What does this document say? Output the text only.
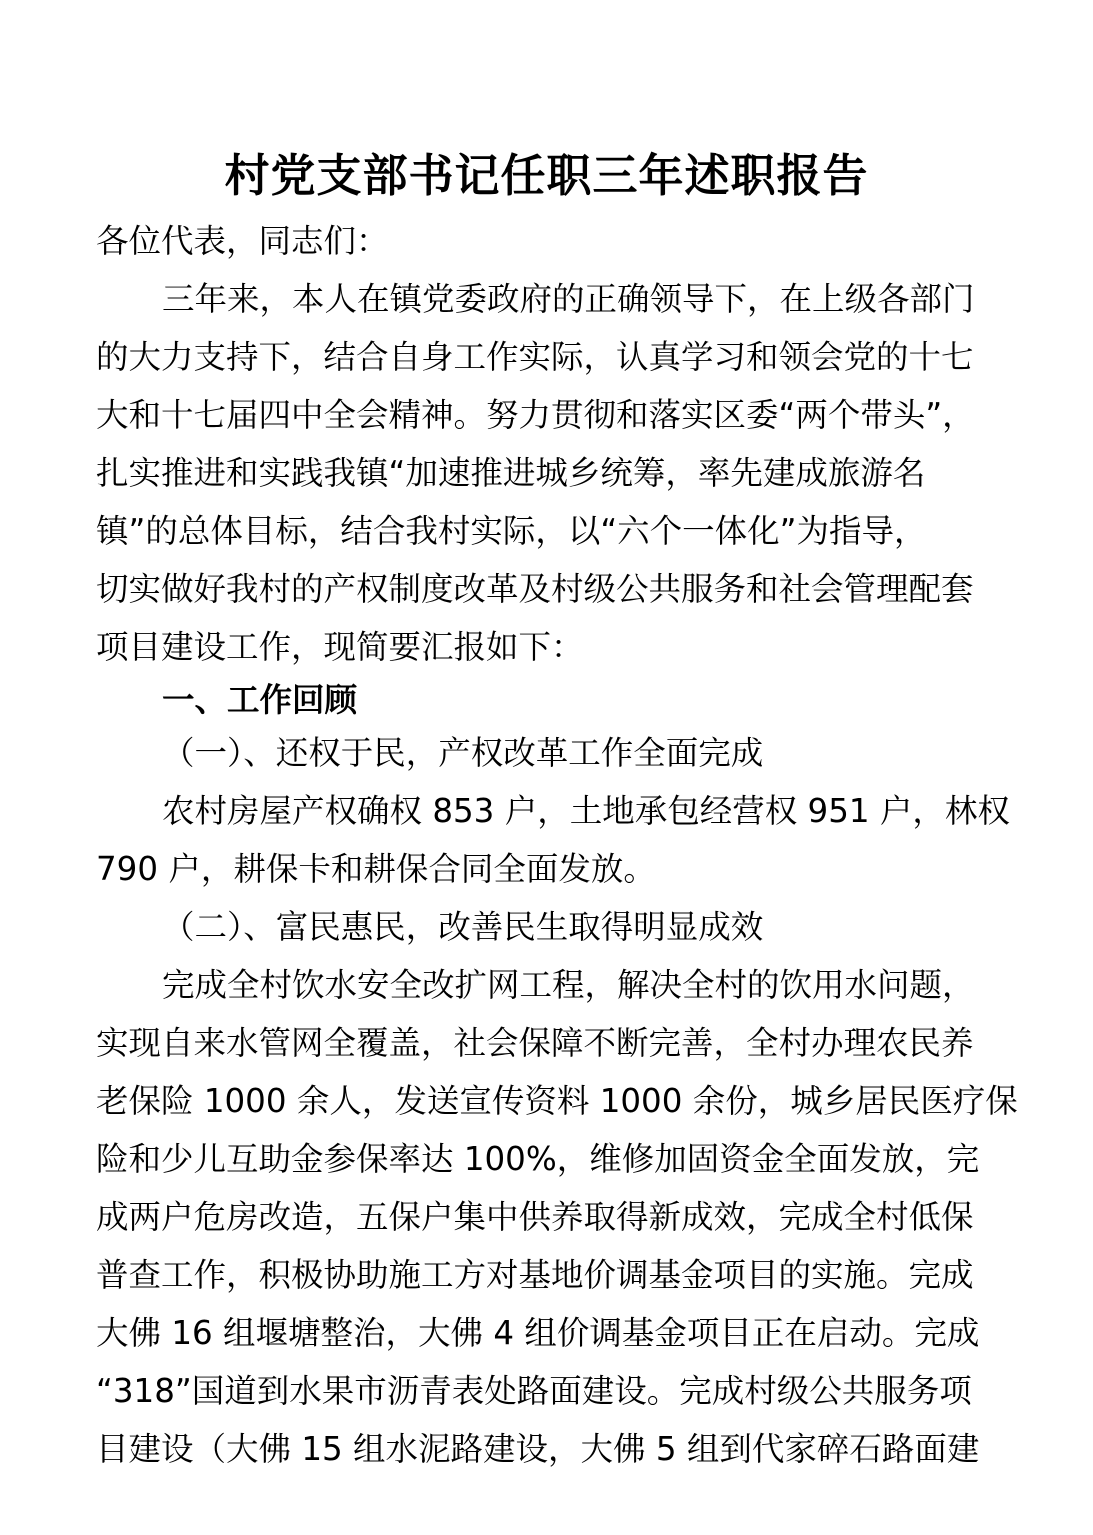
村党支部书记任职三年述职报告
各位代表，同志们：
三年来，本人在镇党委政府的正确领导下，在上级各部门
的大力支持下，结合自身工作实际，认真学习和领会党的十七
大和十七届四中全会精神。努力贯彻和落实区委“两个带头”，
扎实推进和实践我镇“加速推进城乡统筹，率先建成旅游名
镇”的总体目标，结合我村实际，以“六个一体化”为指导，
切实做好我村的产权制度改革及村级公共服务和社会管理配套
项目建设工作，现简要汇报如下：
一、工作回顾
（一）、还权于民，产权改革工作全面完成
农村房屋产权确权 853 户，土地承包经营权 951 户，林权
790 户，耕保卡和耕保合同全面发放。
（二）、富民惠民，改善民生取得明显成效
完成全村饮水安全改扩网工程，解决全村的饮用水问题，
实现自来水管网全覆盖，社会保障不断完善，全村办理农民养
老保险 1000 余人，发送宣传资料 1000 余份，城乡居民医疗保
险和少儿互助金参保率达 100%，维修加固资金全面发放，完
成两户危房改造，五保户集中供养取得新成效，完成全村低保
普查工作，积极协助施工方对基地价调基金项目的实施。完成
大佛 16 组堰塘整治，大佛 4 组价调基金项目正在启动。完成
“318”国道到水果市沥青表处路面建设。完成村级公共服务项
目建设（大佛 15 组水泥路建设，大佛 5 组到代家碎石路面建
